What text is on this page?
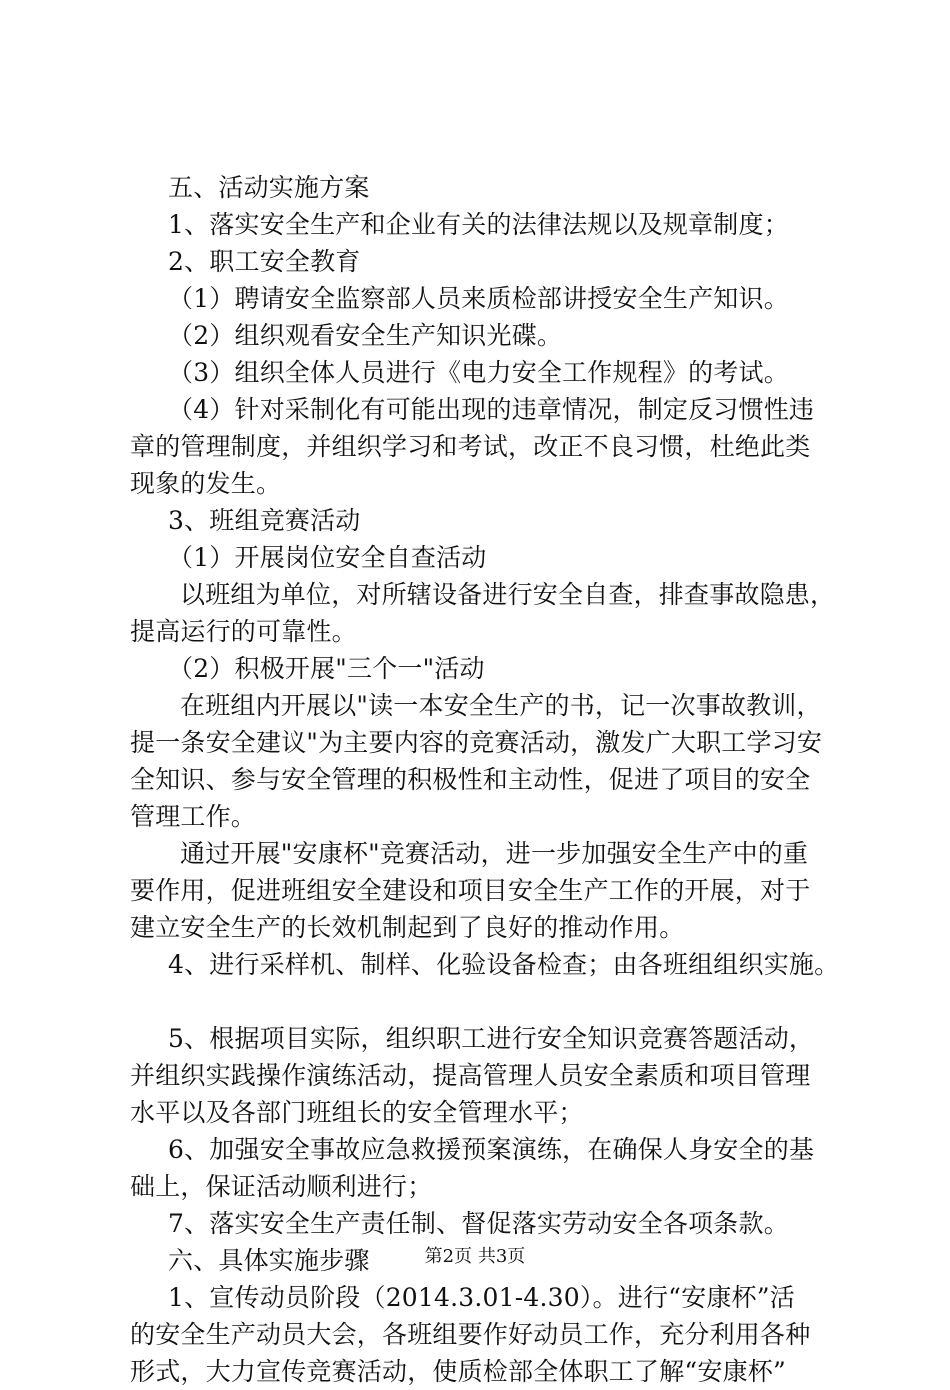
五、活动实施方案
1、落实安全生产和企业有关的法律法规以及规章制度；
2、职工安全教育
（1）聘请安全监察部人员来质检部讲授安全生产知识。
（2）组织观看安全生产知识光碟。
（3）组织全体人员进行《电力安全工作规程》的考试。
（4）针对采制化有可能出现的违章情况，制定反习惯性违
章的管理制度，并组织学习和考试，改正不良习惯，杜绝此类
现象的发生。
3、班组竞赛活动
（1）开展岗位安全自查活动
以班组为单位，对所辖设备进行安全自查，排查事故隐患，
提高运行的可靠性。
（2）积极开展"三个一"活动
在班组内开展以"读一本安全生产的书，记一次事故教训，
提一条安全建议"为主要内容的竞赛活动，激发广大职工学习安
全知识、参与安全管理的积极性和主动性，促进了项目的安全
管理工作。
通过开展"安康杯"竞赛活动，进一步加强安全生产中的重
要作用，促进班组安全建设和项目安全生产工作的开展，对于
建立安全生产的长效机制起到了良好的推动作用。
4、进行采样机、制样、化验设备检查；由各班组组织实施。
5、根据项目实际，组织职工进行安全知识竞赛答题活动，
并组织实践操作演练活动，提高管理人员安全素质和项目管理
水平以及各部门班组长的安全管理水平；
6、加强安全事故应急救援预案演练，在确保人身安全的基
础上，保证活动顺利进行；
7、落实安全生产责任制、督促落实劳动安全各项条款。
六、具体实施步骤
1、宣传动员阶段（2014.3.01-4.30）。进行“安康杯”活
的安全生产动员大会，各班组要作好动员工作，充分利用各种
形式，大力宣传竞赛活动，使质检部全体职工了解“安康杯”
第2页 共3页
